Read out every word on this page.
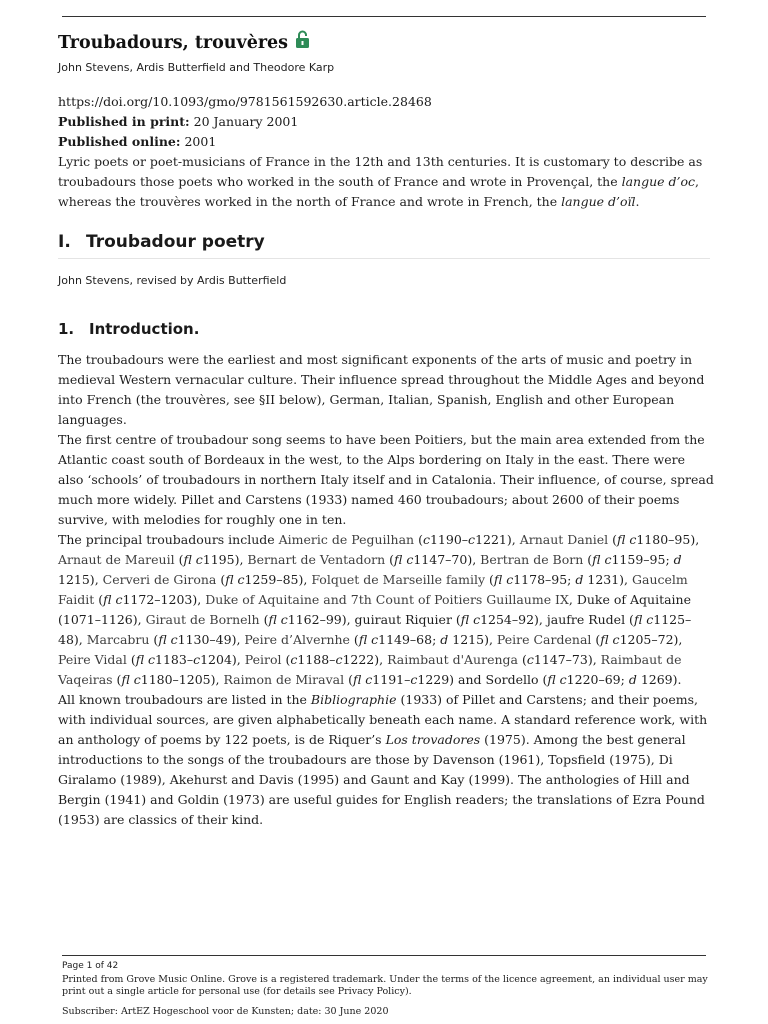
Troubadours, trouvères
John Stevens, Ardis Butterfield and Theodore Karp
https://doi.org/10.1093/gmo/9781561592630.article.28468
Published in print: 20 January 2001
Published online: 2001

Lyric poets or poet-musicians of France in the 12th and 13th centuries. It is customary to describe as troubadours those poets who worked in the south of France and wrote in Provençal, the langue d’oc, whereas the trouvères worked in the north of France and wrote in French, the langue d’oïl.

I. Troubadour poetry
John Stevens, revised by Ardis Butterfield
1. Introduction.

The troubadours were the earliest and most significant exponents of the arts of music and poetry in medieval Western vernacular culture. Their influence spread throughout the Middle Ages and beyond into French (the trouvères, see §II below), German, Italian, Spanish, English and other European languages.

The first centre of troubadour song seems to have been Poitiers, but the main area extended from the Atlantic coast south of Bordeaux in the west, to the Alps bordering on Italy in the east. There were also ‘schools’ of troubadours in northern Italy itself and in Catalonia. Their influence, of course, spread much more widely. Pillet and Carstens (1933) named 460 troubadours; about 2600 of their poems survive, with melodies for roughly one in ten.

The principal troubadours include Aimeric de Peguilhan (c1190–c1221), Arnaut Daniel (fl c1180–95), Arnaut de Mareuil (fl c1195), Bernart de Ventadorn (fl c1147–70), Bertran de Born (fl c1159–95; d 1215), Cerveri de Girona (fl c1259–85), Folquet de Marseille family (fl c1178–95; d 1231), Gaucelm Faidit (fl c1172–1203), Duke of Aquitaine and 7th Count of Poitiers Guillaume IX, Duke of Aquitaine (1071–1126), Giraut de Bornelh (fl c1162–99), guiraut Riquier (fl c1254–92), jaufre Rudel (fl c1125–48), Marcabru (fl c1130–49), Peire d’Alvernhe (fl c1149–68; d 1215), Peire Cardenal (fl c1205–72), Peire Vidal (fl c1183–c1204), Peirol (c1188–c1222), Raimbaut d'Aurenga (c1147–73), Raimbaut de Vaqeiras (fl c1180–1205), Raimon de Miraval (fl c1191–c1229) and Sordello (fl c1220–69; d 1269).

All known troubadours are listed in the Bibliographie (1933) of Pillet and Carstens; and their poems, with individual sources, are given alphabetically beneath each name. A standard reference work, with an anthology of poems by 122 poets, is de Riquer’s Los trovadores (1975). Among the best general introductions to the songs of the troubadours are those by Davenson (1961), Topsfield (1975), Di Giralamo (1989), Akehurst and Davis (1995) and Gaunt and Kay (1999). The anthologies of Hill and Bergin (1941) and Goldin (1973) are useful guides for English readers; the translations of Ezra Pound (1953) are classics of their kind.

Page 1 of 42
Printed from Grove Music Online. Grove is a registered trademark. Under the terms of the licence agreement, an individual user may print out a single article for personal use (for details see Privacy Policy).
Subscriber: ArtEZ Hogeschool voor de Kunsten; date: 30 June 2020
